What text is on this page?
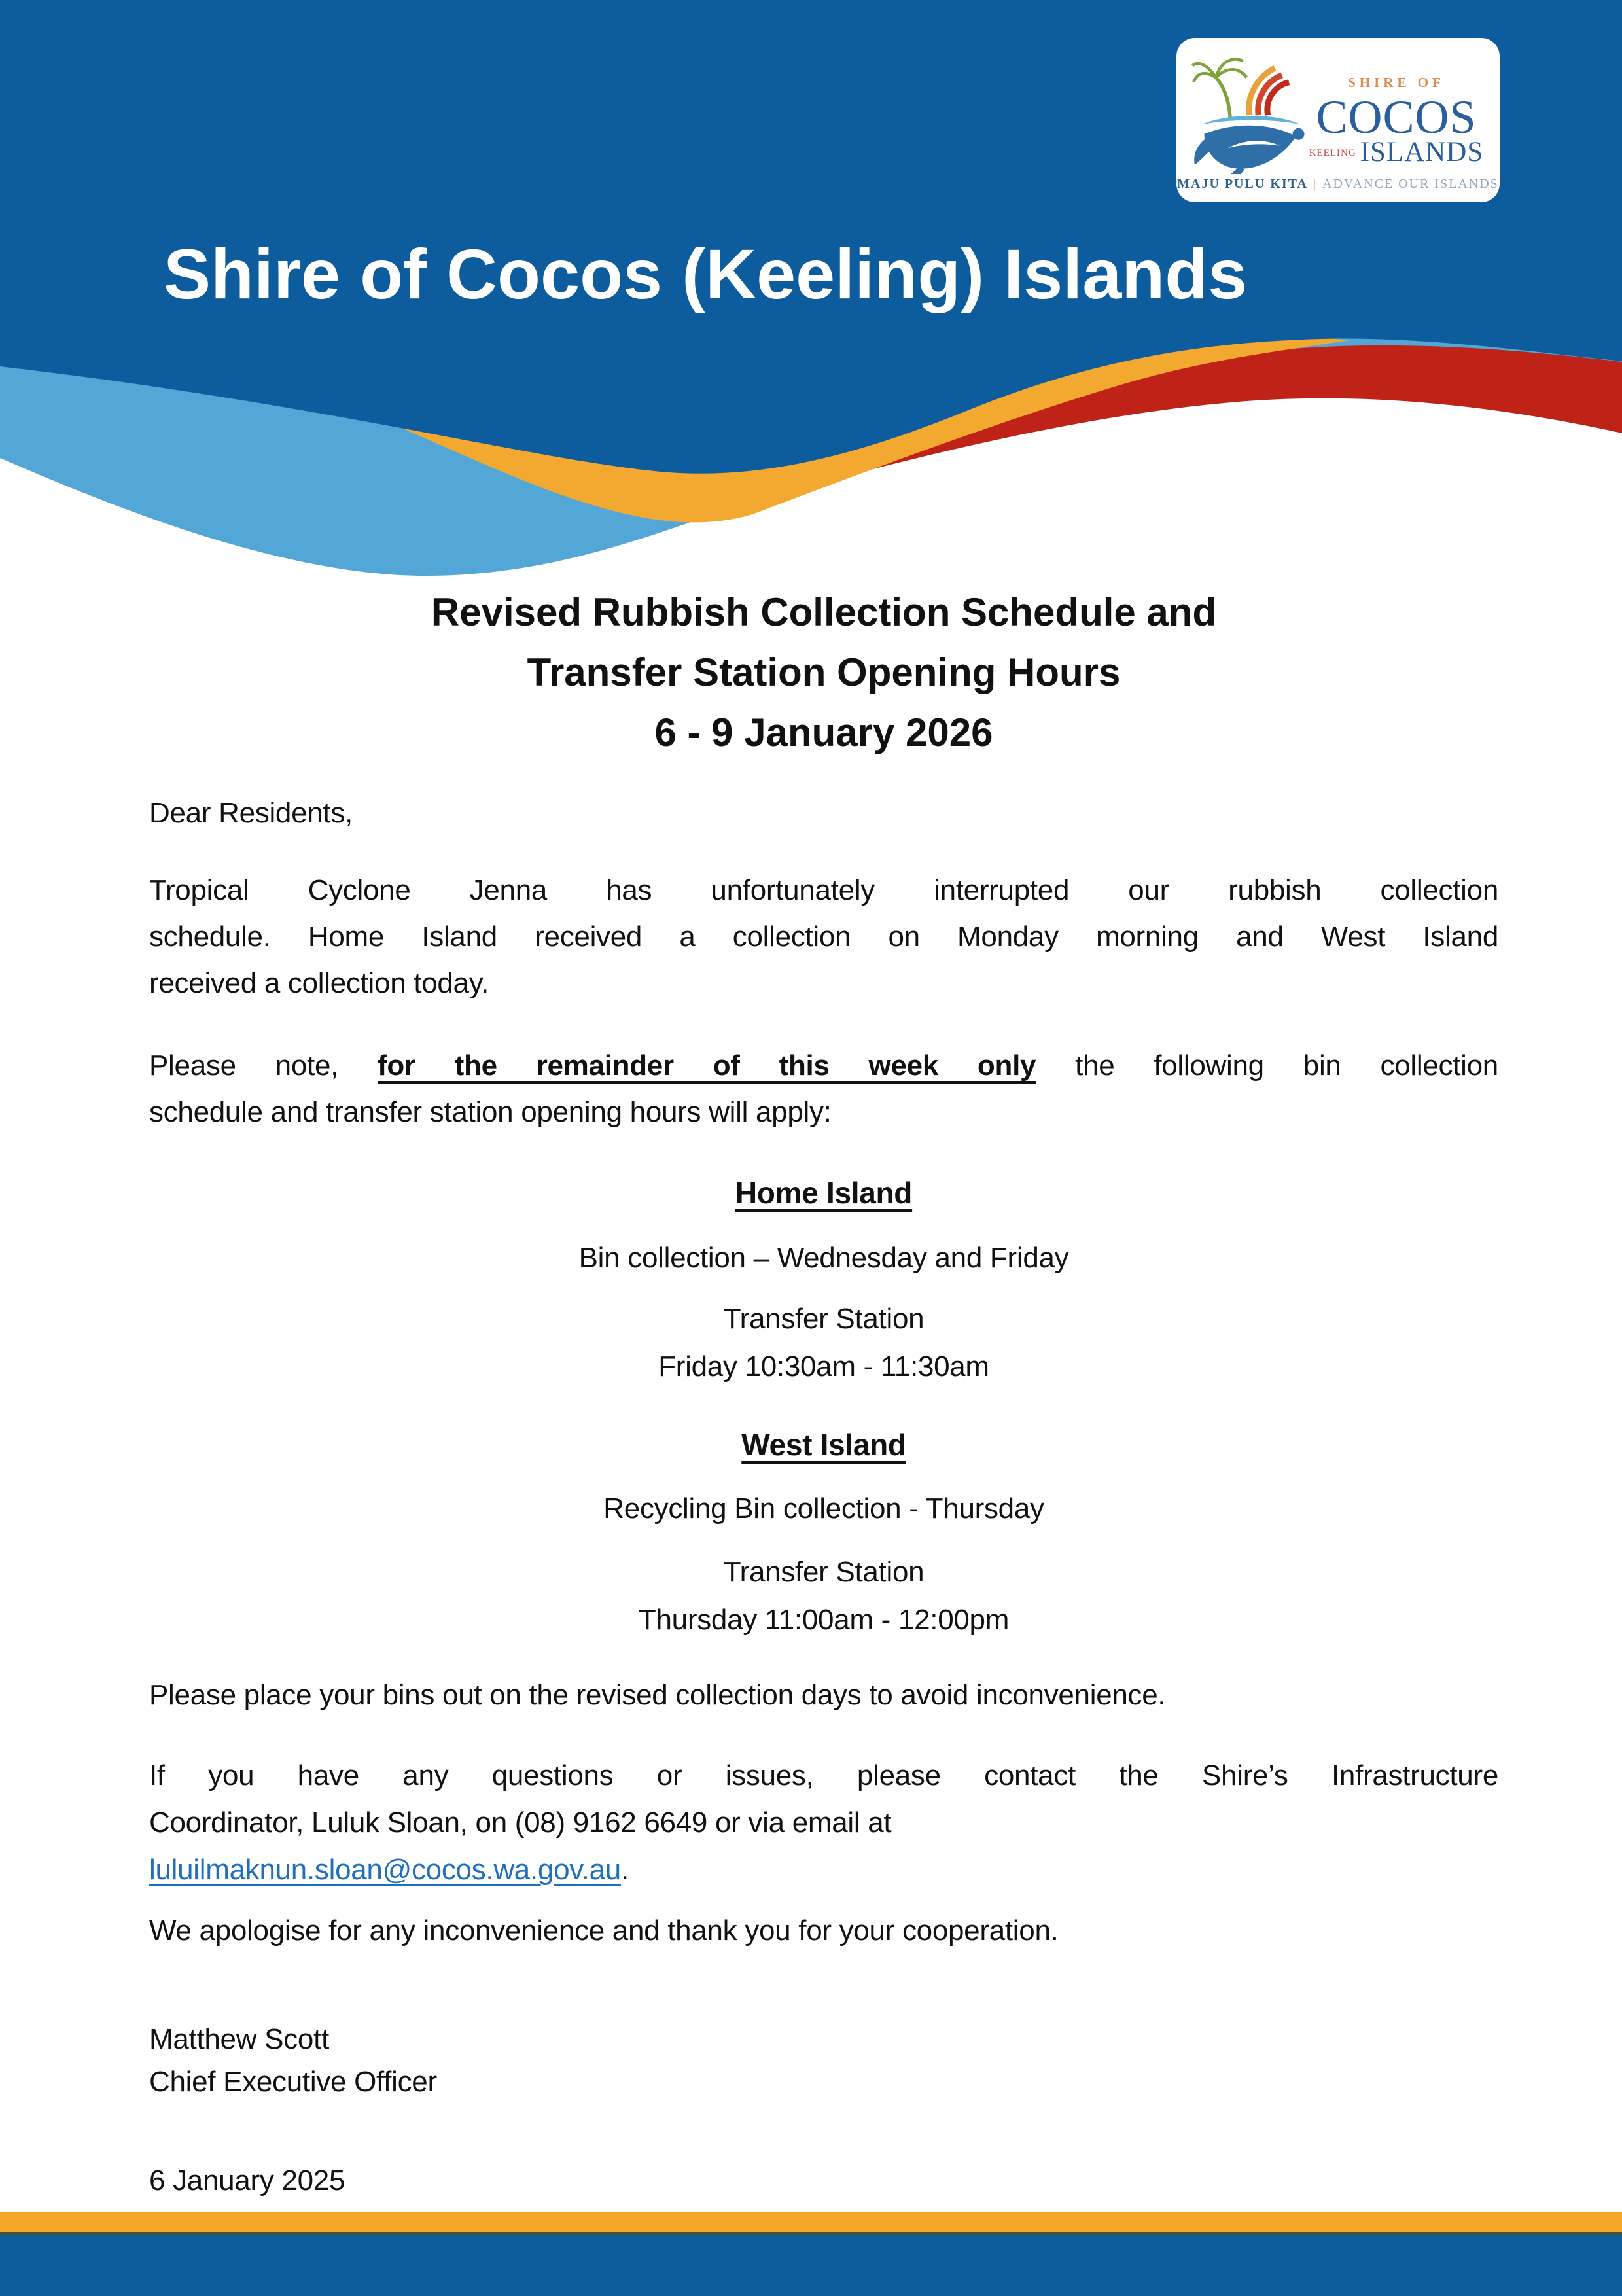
SHIRE OF
COCOS
KEELING ISLANDS
MAJU PULU KITA | ADVANCE OUR ISLANDS
Shire of Cocos (Keeling) Islands
Revised Rubbish Collection Schedule and
Transfer Station Opening Hours
6 - 9 January 2026
Dear Residents,
Tropical Cyclone Jenna has unfortunately interrupted our rubbish collection
schedule. Home Island received a collection on Monday morning and West Island
received a collection today.
Please note, for the remainder of this week only the following bin collection
schedule and transfer station opening hours will apply:
Home Island
Bin collection – Wednesday and Friday
Transfer Station
Friday 10:30am - 11:30am
West Island
Recycling Bin collection - Thursday
Transfer Station
Thursday 11:00am - 12:00pm
Please place your bins out on the revised collection days to avoid inconvenience.
If you have any questions or issues, please contact the Shire’s Infrastructure
Coordinator, Luluk Sloan, on (08) 9162 6649 or via email at
luluilmaknun.sloan@cocos.wa.gov.au.
We apologise for any inconvenience and thank you for your cooperation.
Matthew Scott
Chief Executive Officer
6 January 2025
